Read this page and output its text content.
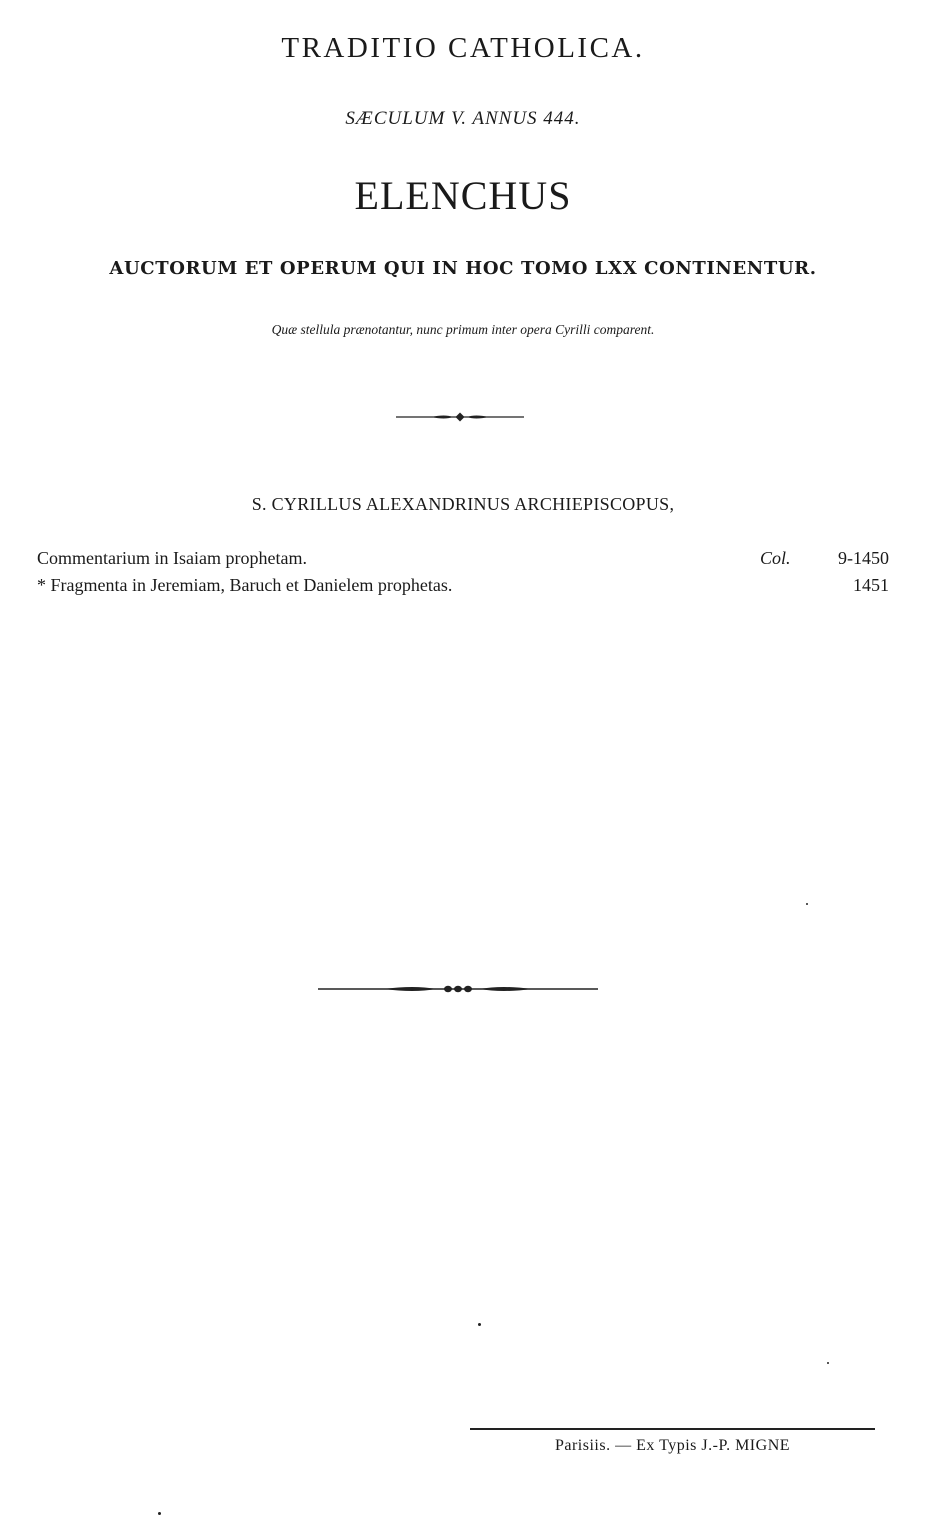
TRADITIO CATHOLICA.
SÆCULUM V. ANNUS 444.
ELENCHUS
AUCTORUM ET OPERUM QUI IN HOC TOMO LXX CONTINENTUR.
Quæ stellula prænotantur, nunc primum inter opera Cyrilli comparent.
S. CYRILLUS ALEXANDRINUS ARCHIEPISCOPUS,
Commentarium in Isaiam prophetam.	Col.	9-1450
* Fragmenta in Jeremiam, Baruch et Danielem prophetas.	1451
Parisiis. — Ex Typis J.-P. MIGNE
